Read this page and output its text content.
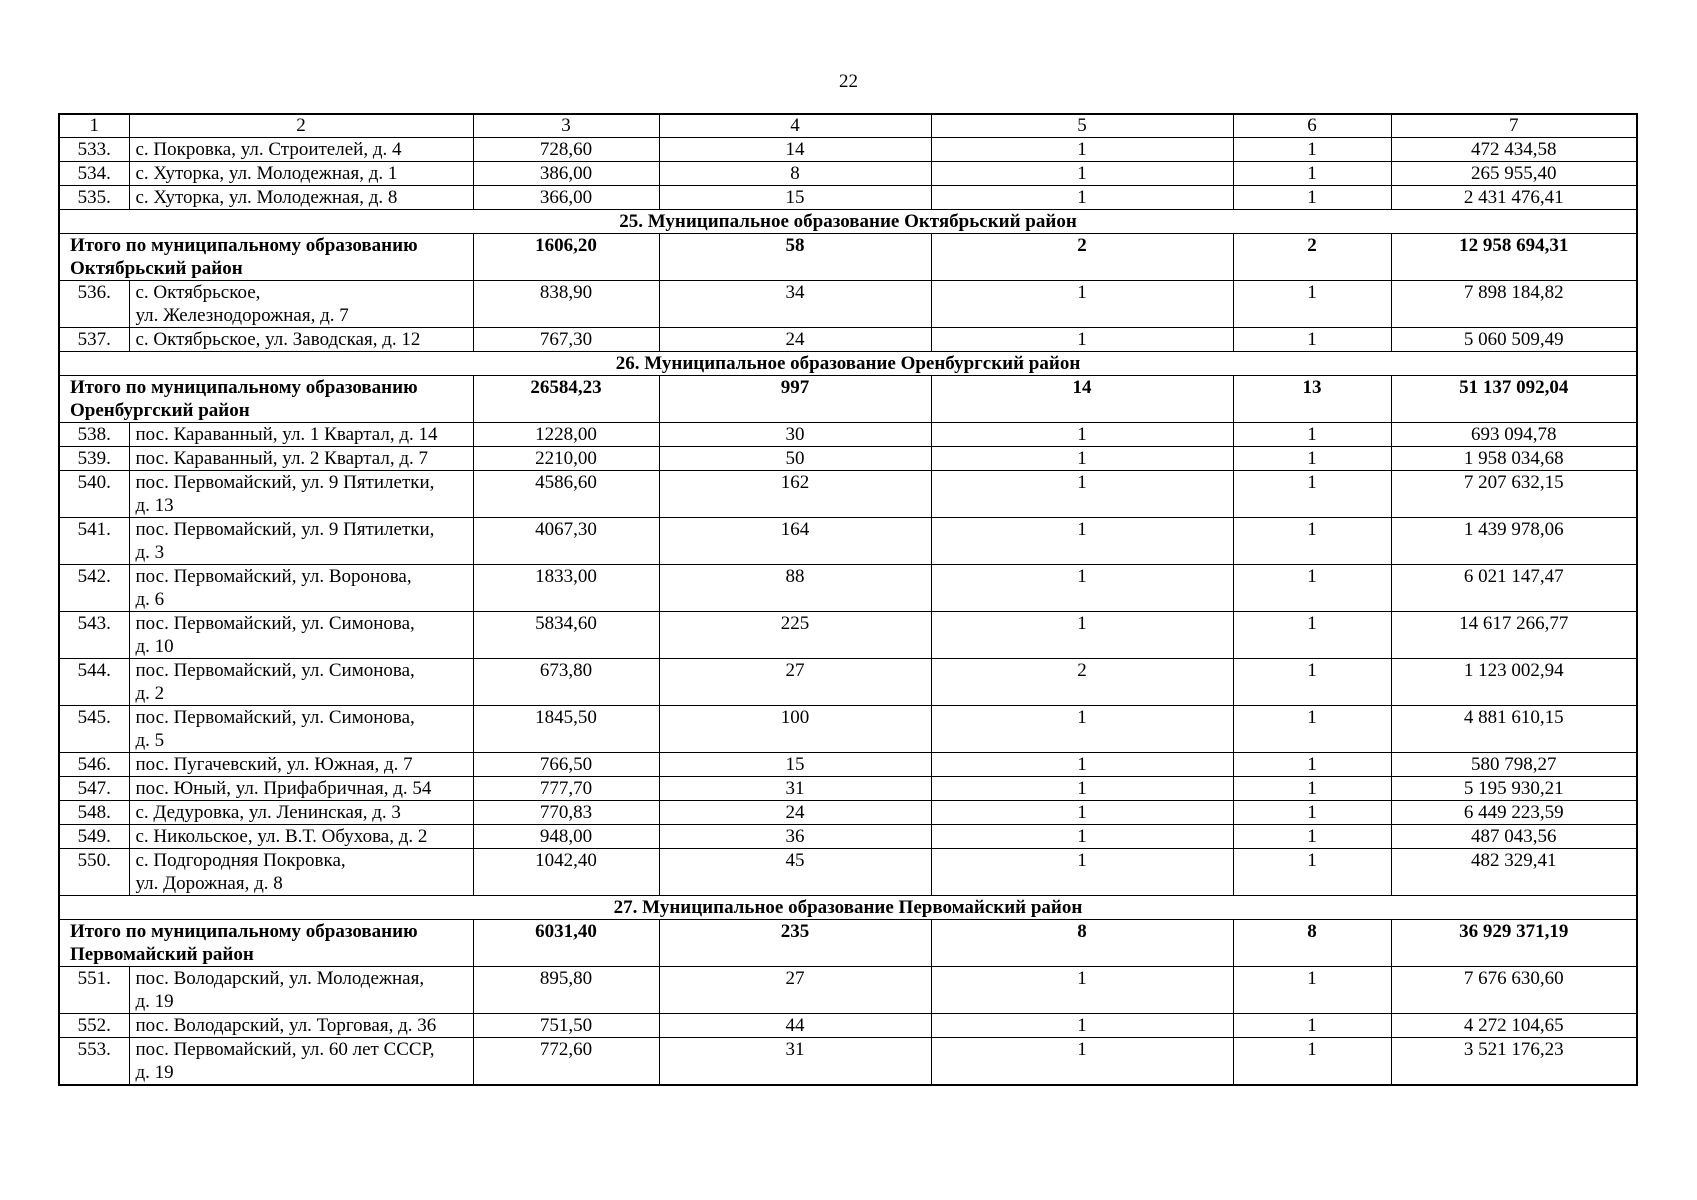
22
1	2	3	4	5	6	7
533.	с. Покровка, ул. Строителей, д. 4	728,60	14	1	1	472 434,58
534.	с. Хуторка, ул. Молодежная, д. 1	386,00	8	1	1	265 955,40
535.	с. Хуторка, ул. Молодежная, д. 8	366,00	15	1	1	2 431 476,41
25. Муниципальное образование Октябрьский район						

Итого по муниципальному образованию
Октябрьский район		1606,20	58	2	2	12 958 694,31
536.	с. Октябрьское,
ул. Железнодорожная, д. 7	838,90	34	1	1	7 898 184,82
537.	с. Октябрьское, ул. Заводская, д. 12	767,30	24	1	1	5 060 509,49
26. Муниципальное образование Оренбургский район						

Итого по муниципальному образованию
Оренбургский район		26584,23	997	14	13	51 137 092,04
538.	пос. Караванный, ул. 1 Квартал, д. 14	1228,00	30	1	1	693 094,78
539.	пос. Караванный, ул. 2 Квартал, д. 7	2210,00	50	1	1	1 958 034,68
540.	пос. Первомайский, ул. 9 Пятилетки,
д. 13	4586,60	162	1	1	7 207 632,15
541.	пос. Первомайский, ул. 9 Пятилетки,
д. 3	4067,30	164	1	1	1 439 978,06
542.	пос. Первомайский, ул. Воронова,
д. 6	1833,00	88	1	1	6 021 147,47
543.	пос. Первомайский, ул. Симонова,
д. 10	5834,60	225	1	1	14 617 266,77
544.	пос. Первомайский, ул. Симонова,
д. 2	673,80	27	2	1	1 123 002,94
545.	пос. Первомайский, ул. Симонова,
д. 5	1845,50	100	1	1	4 881 610,15
546.	пос. Пугачевский, ул. Южная, д. 7	766,50	15	1	1	580 798,27
547.	пос. Юный, ул. Прифабричная, д. 54	777,70	31	1	1	5 195 930,21
548.	с. Дедуровка, ул. Ленинская, д. 3	770,83	24	1	1	6 449 223,59
549.	с. Никольское, ул. В.Т. Обухова, д. 2	948,00	36	1	1	487 043,56
550.	с. Подгородняя Покровка,
ул. Дорожная, д. 8	1042,40	45	1	1	482 329,41
27. Муниципальное образование Первомайский район						

Итого по муниципальному образованию
Первомайский район		6031,40	235	8	8	36 929 371,19
551.	пос. Володарский, ул. Молодежная,
д. 19	895,80	27	1	1	7 676 630,60
552.	пос. Володарский, ул. Торговая, д. 36	751,50	44	1	1	4 272 104,65
553.	пос. Первомайский, ул. 60 лет СССР,
д. 19	772,60	31	1	1	3 521 176,23
